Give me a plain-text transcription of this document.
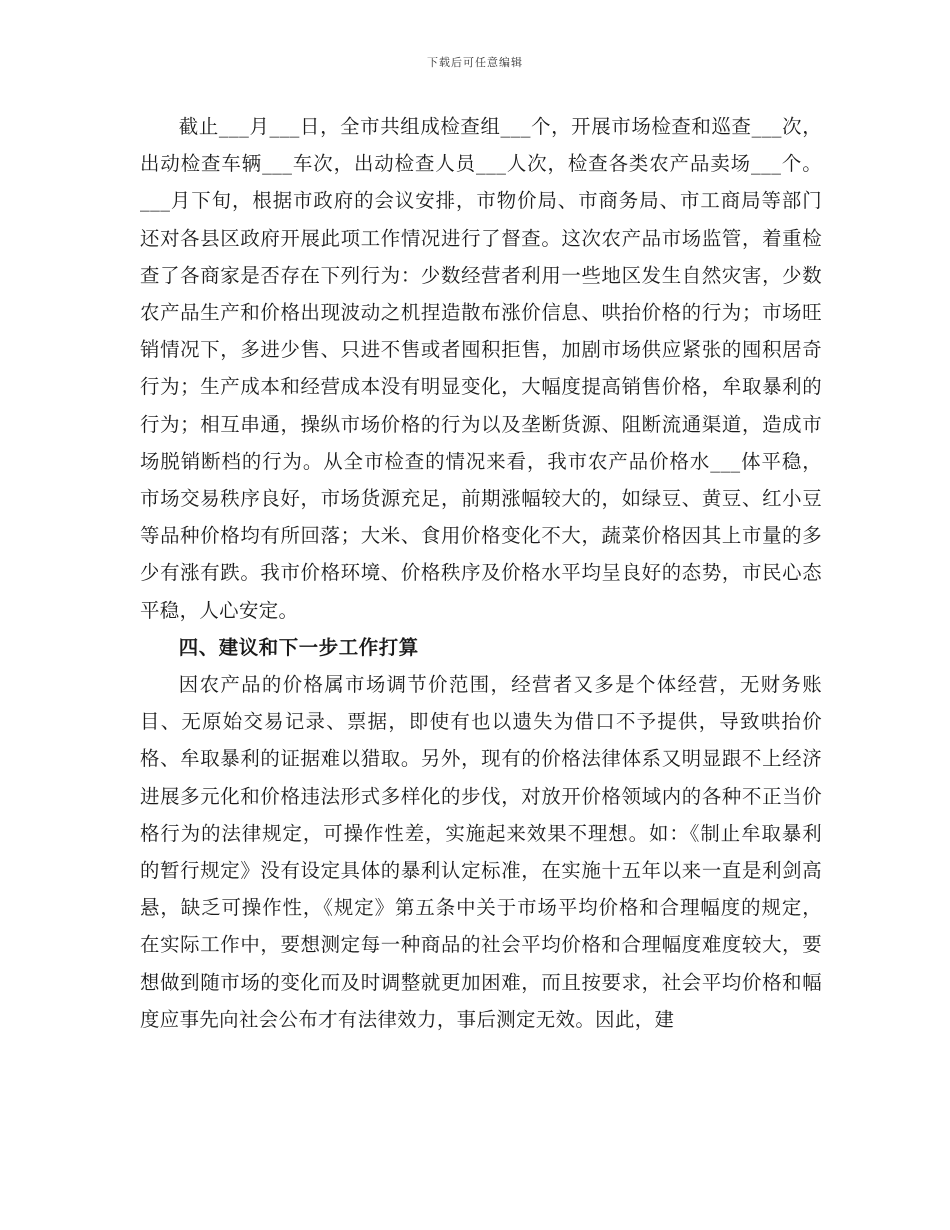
下载后可任意编辑

截止___月___日，全市共组成检查组___个，开展市场检查和巡查___次，出动检查车辆___车次，出动检查人员___人次，检查各类农产品卖场___个。___月下旬，根据市政府的会议安排，市物价局、市商务局、市工商局等部门还对各县区政府开展此项工作情况进行了督查。这次农产品市场监管，着重检查了各商家是否存在下列行为：少数经营者利用一些地区发生自然灾害，少数农产品生产和价格出现波动之机捏造散布涨价信息、哄抬价格的行为；市场旺销情况下，多进少售、只进不售或者囤积拒售，加剧市场供应紧张的囤积居奇行为；生产成本和经营成本没有明显变化，大幅度提高销售价格，牟取暴利的行为；相互串通，操纵市场价格的行为以及垄断货源、阻断流通渠道，造成市场脱销断档的行为。从全市检查的情况来看，我市农产品价格水___体平稳，市场交易秩序良好，市场货源充足，前期涨幅较大的，如绿豆、黄豆、红小豆等品种价格均有所回落；大米、食用价格变化不大，蔬菜价格因其上市量的多少有涨有跌。我市价格环境、价格秩序及价格水平均呈良好的态势，市民心态平稳，人心安定。

四、建议和下一步工作打算

因农产品的价格属市场调节价范围，经营者又多是个体经营，无财务账目、无原始交易记录、票据，即使有也以遗失为借口不予提供，导致哄抬价格、牟取暴利的证据难以猎取。另外，现有的价格法律体系又明显跟不上经济进展多元化和价格违法形式多样化的步伐，对放开价格领域内的各种不正当价格行为的法律规定，可操作性差，实施起来效果不理想。如：《制止牟取暴利的暂行规定》没有设定具体的暴利认定标准，在实施十五年以来一直是利剑高悬，缺乏可操作性，《规定》第五条中关于市场平均价格和合理幅度的规定，在实际工作中，要想测定每一种商品的社会平均价格和合理幅度难度较大，要想做到随市场的变化而及时调整就更加困难，而且按要求，社会平均价格和幅度应事先向社会公布才有法律效力，事后测定无效。因此，建
